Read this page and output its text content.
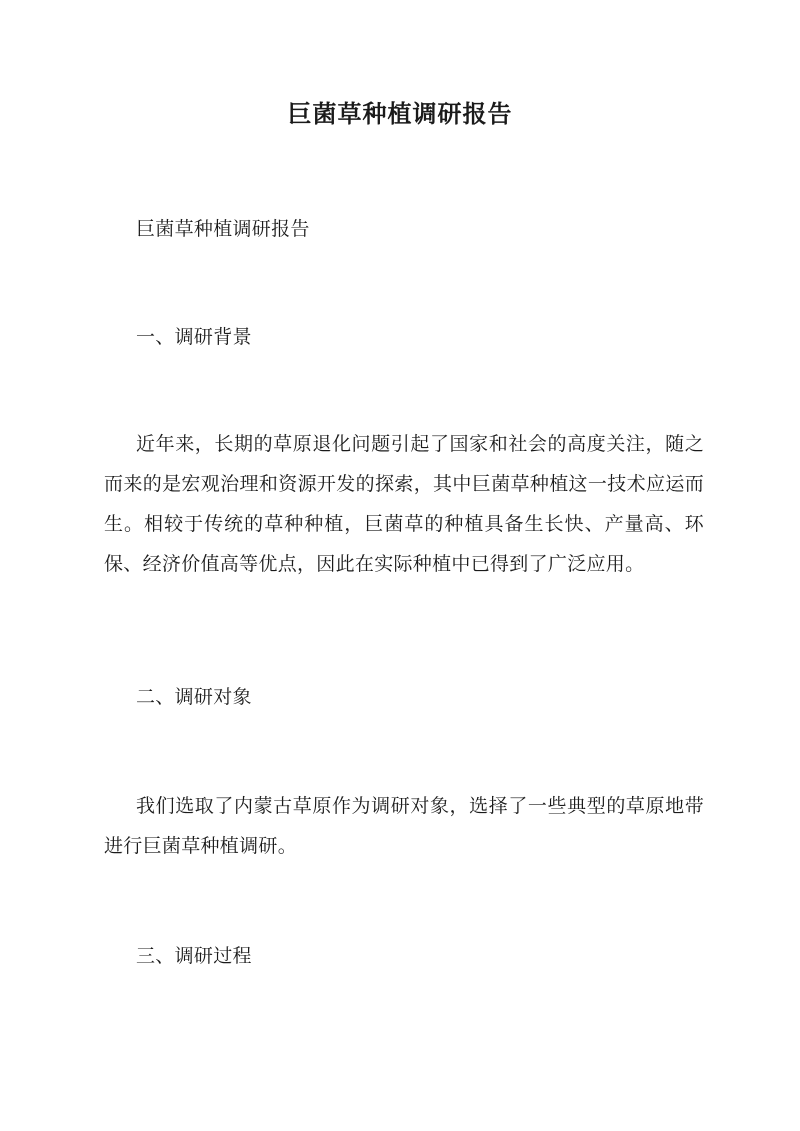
巨菌草种植调研报告
巨菌草种植调研报告
一、调研背景

近年来，长期的草原退化问题引起了国家和社会的高度关注，随之而来的是宏观治理和资源开发的探索，其中巨菌草种植这一技术应运而生。相较于传统的草种种植，巨菌草的种植具备生长快、产量高、环保、经济价值高等优点，因此在实际种植中已得到了广泛应用。

二、调研对象

我们选取了内蒙古草原作为调研对象，选择了一些典型的草原地带进行巨菌草种植调研。

三、调研过程
